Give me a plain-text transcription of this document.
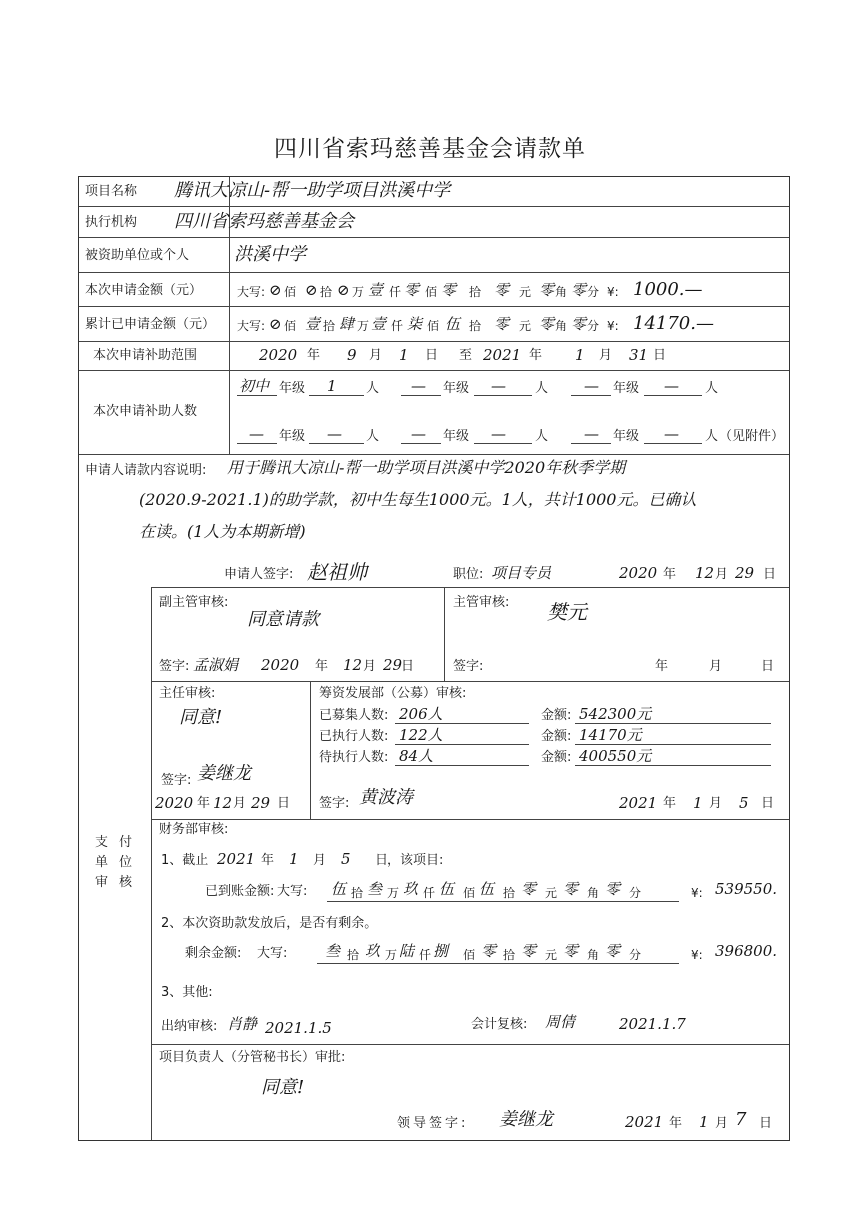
四川省索玛慈善基金会请款单
项目名称 腾讯大凉山-帮一助学项目洪溪中学
执行机构 四川省索玛慈善基金会
被资助单位或个人 洪溪中学
本次申请金额（元）	大写: ⊘ 佰 ⊘ 拾 ⊘ 万 壹 仟 零 佰 零 拾 零 元 零 角 零 分 ¥: 1000.—
累计已申请金额（元） 大写: ⊘ 佰 壹 拾 肆 万 壹 仟 柒 佰 伍 拾 零 元 零 角 零 分 ¥: 14170.—
本次申请补助范围	2020 年 9 月 1 日 至 2021 年 1 月 31 日
本次申请补助人数
初中 年级 1 人 — 年级 — 人 — 年级 — 人
— 年级 — 人 — 年级 — 人 — 年级 — 人 （见附件）
申请人请款内容说明: 用于腾讯大凉山-帮一助学项目洪溪中学2020年秋季学期
(2020.9-2021.1)的助学款，初中生每生1000元。1人，共计1000元。已确认
在读。(1人为本期新增)
申请人签字: 赵祖帅	职位: 项目专员	2020 年 12 月 29 日
支
单
审
付
位
核
副主管审核:
同意请款
签字: 孟淑娟 2020 年 12 月 29
日
主管审核: 樊元
签字:	年	月	日
主任审核:
同意!
签字: 姜继龙
2020 年 12 月 29 日
筹资发展部（公募）审核:
已募集人数: 206人	金额: 542300元
已执行人数: 122人	金额: 14170元
待执行人数: 84人	金额: 400550元
签字: 黄波涛	2021 年 1 月 5 日
财务部审核:
1、截止 2021 年 1 月 5 日
，该项目:
已到账金额: 大写: 伍 拾 叁 万 玖 仟 伍 佰 伍 拾 零 元 零 角 零 分	¥: 539550.
2、本次资助款发放后，是否有剩余。
剩余金额: 大写:	叁 拾 玖 万 陆 仟 捌 佰 零 拾 零 元 零 角 零 分	¥: 396800.
3、其他:
出纳审核: 肖静 2021.1.5	会计复核: 周倩	2021.1.7
项目负责人（分管秘书长）审批:
同意!
领导签字: 姜继龙	2021 年 1 月 7 日
